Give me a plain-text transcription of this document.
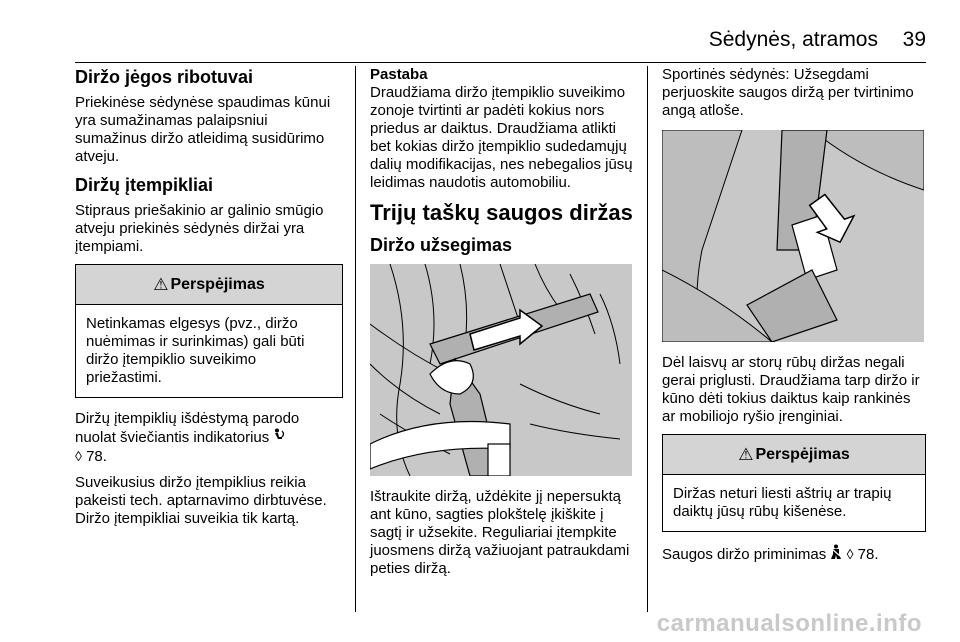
Sėdynės, atramos 39
Diržo jėgos ribotuvai

Priekinėse sėdynėse spaudimas kūnui yra sumažinamas palaipsniui sumažinus diržo atleidimą susidūrimo atveju.

Diržų įtempikliai

Stipraus priešakinio ar galinio smūgio atveju priekinės sėdynės diržai yra įtempiami.

⚠ Perspėjimas
Netinkamas elgesys (pvz., diržo nuėmimas ir surinkimas) gali būti diržo įtempiklio suveikimo priežastimi.

Diržų įtempiklių išdėstymą parodo nuolat šviečiantis indikatorius
◊ 78.

Suveikusius diržo įtempiklius reikia pakeisti tech. aptarnavimo dirbtuvėse. Diržo įtempikliai suveikia tik kartą.

Pastaba

Draudžiama diržo įtempiklio suveikimo zonoje tvirtinti ar padėti kokius nors priedus ar daiktus. Draudžiama atlikti bet kokias diržo įtempiklio sudedamųjų dalių modifikacijas, nes nebegalios jūsų leidimas naudotis automobiliu.

Trijų taškų saugos diržas
Diržo užsegimas

Ištraukite diržą, uždėkite jį nepersuktą ant kūno, sagties plokštelę įkiškite į sagtį ir užsekite. Reguliariai įtempkite juosmens diržą važiuojant patraukdami peties diržą.

Sportinės sėdynės: Užsegdami perjuoskite saugos diržą per tvirtinimo angą atloše.

Dėl laisvų ar storų rūbų diržas negali gerai priglusti. Draudžiama tarp diržo ir kūno dėti tokius daiktus kaip rankinės ar mobiliojo ryšio įrenginiai.

⚠ Perspėjimas
Diržas neturi liesti aštrių ar trapių daiktų jūsų rūbų kišenėse.

Saugos diržo priminimas ◊ 78.

carmanualsonline.info
